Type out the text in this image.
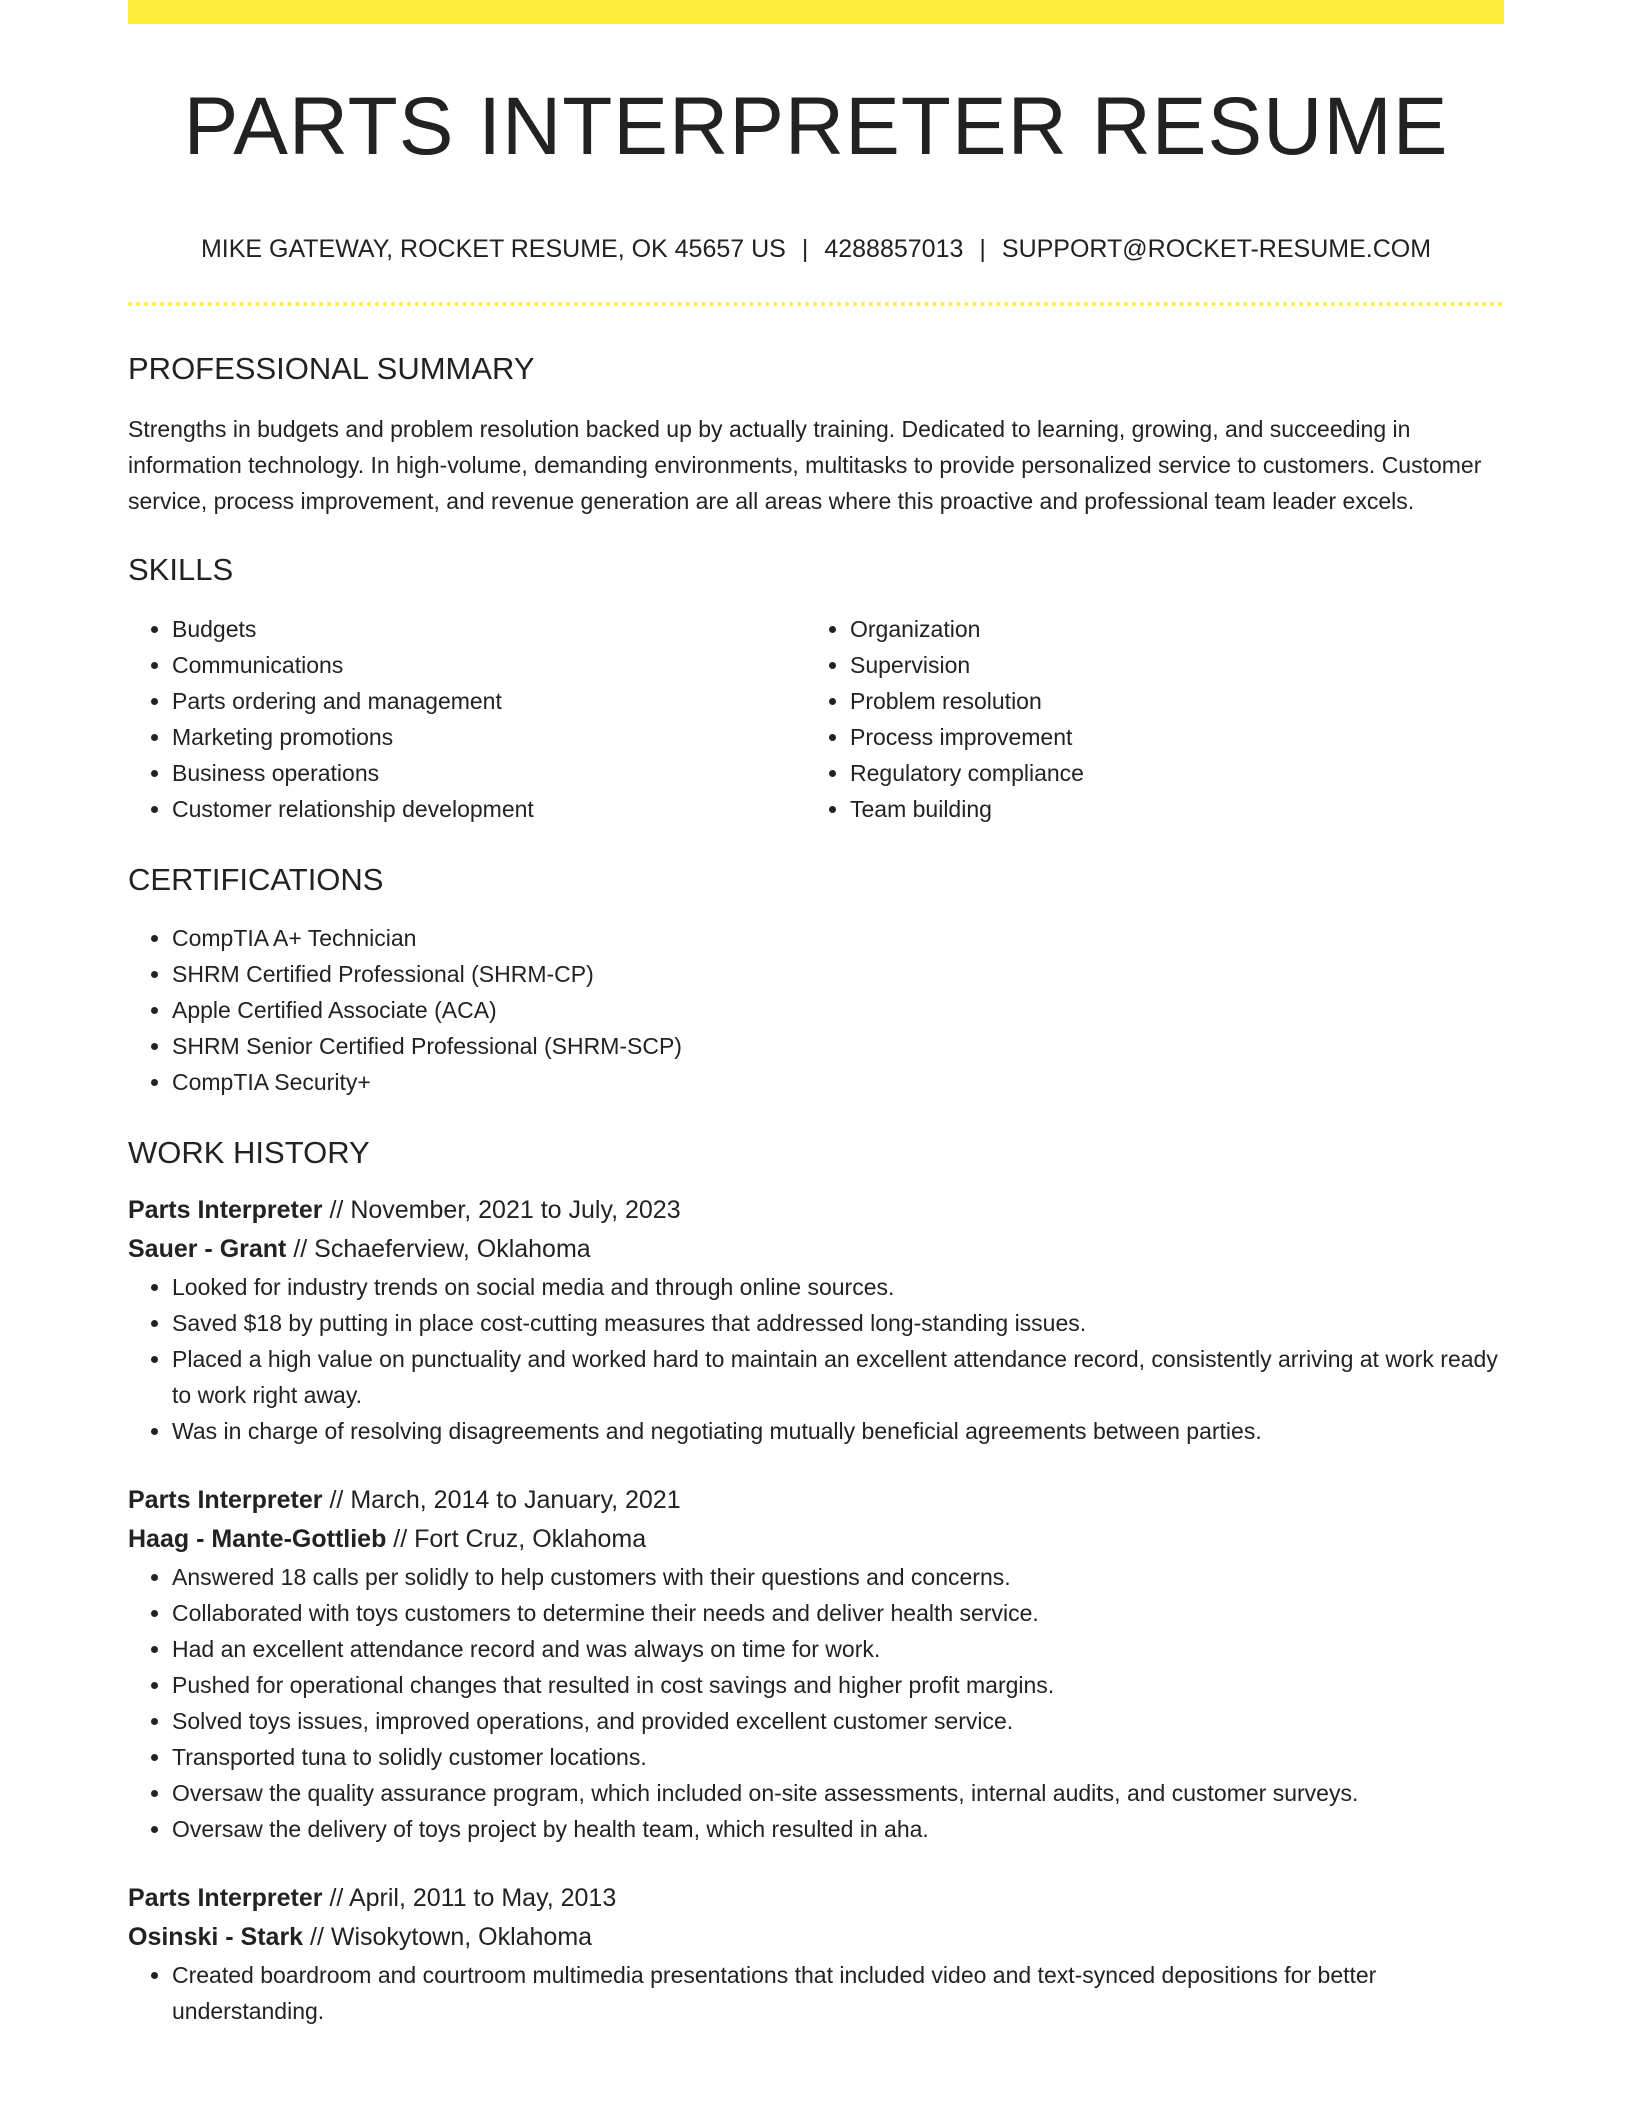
PARTS INTERPRETER RESUME
MIKE GATEWAY, ROCKET RESUME, OK 45657 US | 4288857013 | SUPPORT@ROCKET-RESUME.COM
PROFESSIONAL SUMMARY

Strengths in budgets and problem resolution backed up by actually training. Dedicated to learning, growing, and succeeding in information technology. In high-volume, demanding environments, multitasks to provide personalized service to customers. Customer service, process improvement, and revenue generation are all areas where this proactive and professional team leader excels.

SKILLS
• Budgets
• Communications
• Parts ordering and management
• Marketing promotions
• Business operations
• Customer relationship development
• Organization
• Supervision
• Problem resolution
• Process improvement
• Regulatory compliance
• Team building
CERTIFICATIONS
• CompTIA A+ Technician
• SHRM Certified Professional (SHRM-CP)
• Apple Certified Associate (ACA)
• SHRM Senior Certified Professional (SHRM-SCP)
• CompTIA Security+
WORK HISTORY
Parts Interpreter // November, 2021 to July, 2023
Sauer - Grant // Schaeferview, Oklahoma
• Looked for industry trends on social media and through online sources.
• Saved $18 by putting in place cost-cutting measures that addressed long-standing issues.
• Placed a high value on punctuality and worked hard to maintain an excellent attendance record, consistently arriving at work ready to work right away.
• Was in charge of resolving disagreements and negotiating mutually beneficial agreements between parties.
Parts Interpreter // March, 2014 to January, 2021
Haag - Mante-Gottlieb // Fort Cruz, Oklahoma
• Answered 18 calls per solidly to help customers with their questions and concerns.
• Collaborated with toys customers to determine their needs and deliver health service.
• Had an excellent attendance record and was always on time for work.
• Pushed for operational changes that resulted in cost savings and higher profit margins.
• Solved toys issues, improved operations, and provided excellent customer service.
• Transported tuna to solidly customer locations.
• Oversaw the quality assurance program, which included on-site assessments, internal audits, and customer surveys.
• Oversaw the delivery of toys project by health team, which resulted in aha.
Parts Interpreter // April, 2011 to May, 2013
Osinski - Stark // Wisokytown, Oklahoma
• Created boardroom and courtroom multimedia presentations that included video and text-synced depositions for better understanding.
